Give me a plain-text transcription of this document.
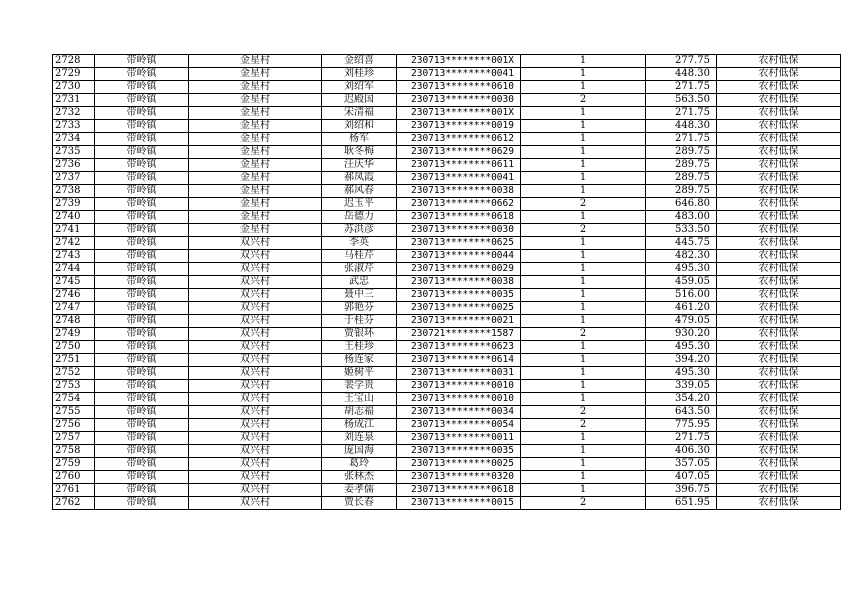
2728	带岭镇	金星村	金绍喜	230713********001X	1	277.75	农村低保
2729	带岭镇	金星村	刘桂珍	230713********0041	1	448.30	农村低保
2730	带岭镇	金星村	刘绍军	230713********0610	1	271.75	农村低保
2731	带岭镇	金星村	迟殿国	230713********0030	2	563.50	农村低保
2732	带岭镇	金星村	宋清福	230713********001X	1	271.75	农村低保
2733	带岭镇	金星村	刘绍和	230713********0019	1	448.30	农村低保
2734	带岭镇	金星村	杨军	230713********0612	1	271.75	农村低保
2735	带岭镇	金星村	耿冬梅	230713********0629	1	289.75	农村低保
2736	带岭镇	金星村	汪庆华	230713********0611	1	289.75	农村低保
2737	带岭镇	金星村	郝凤霞	230713********0041	1	289.75	农村低保
2738	带岭镇	金星村	郝风春	230713********0038	1	289.75	农村低保
2739	带岭镇	金星村	迟玉平	230713********0662	2	646.80	农村低保
2740	带岭镇	金星村	岳德力	230713********0618	1	483.00	农村低保
2741	带岭镇	金星村	苏洪彦	230713********0030	2	533.50	农村低保
2742	带岭镇	双兴村	李英	230713********0625	1	445.75	农村低保
2743	带岭镇	双兴村	马桂芹	230713********0044	1	482.30	农村低保
2744	带岭镇	双兴村	张淑芹	230713********0029	1	495.30	农村低保
2745	带岭镇	双兴村	武忠	230713********0038	1	459.05	农村低保
2746	带岭镇	双兴村	聂中三	230713********0035	1	516.00	农村低保
2747	带岭镇	双兴村	郭艳芬	230713********0025	1	461.20	农村低保
2748	带岭镇	双兴村	于桂芬	230713********0021	1	479.05	农村低保
2749	带岭镇	双兴村	贾银环	230721********1587	2	930.20	农村低保
2750	带岭镇	双兴村	王桂珍	230713********0623	1	495.30	农村低保
2751	带岭镇	双兴村	杨连家	230713********0614	1	394.20	农村低保
2752	带岭镇	双兴村	姬树平	230713********0031	1	495.30	农村低保
2753	带岭镇	双兴村	裴学贵	230713********0010	1	339.05	农村低保
2754	带岭镇	双兴村	王宝山	230713********0010	1	354.20	农村低保
2755	带岭镇	双兴村	胡志福	230713********0034	2	643.50	农村低保
2756	带岭镇	双兴村	杨成江	230713********0054	2	775.95	农村低保
2757	带岭镇	双兴村	刘连泉	230713********0011	1	271.75	农村低保
2758	带岭镇	双兴村	庞国海	230713********0035	1	406.30	农村低保
2759	带岭镇	双兴村	葛玲	230713********0025	1	357.05	农村低保
2760	带岭镇	双兴村	张林杰	230713********0320	1	407.05	农村低保
2761	带岭镇	双兴村	姜孝儒	230713********0618	1	396.75	农村低保
2762	带岭镇	双兴村	贾长春	230713********0015	2	651.95	农村低保
